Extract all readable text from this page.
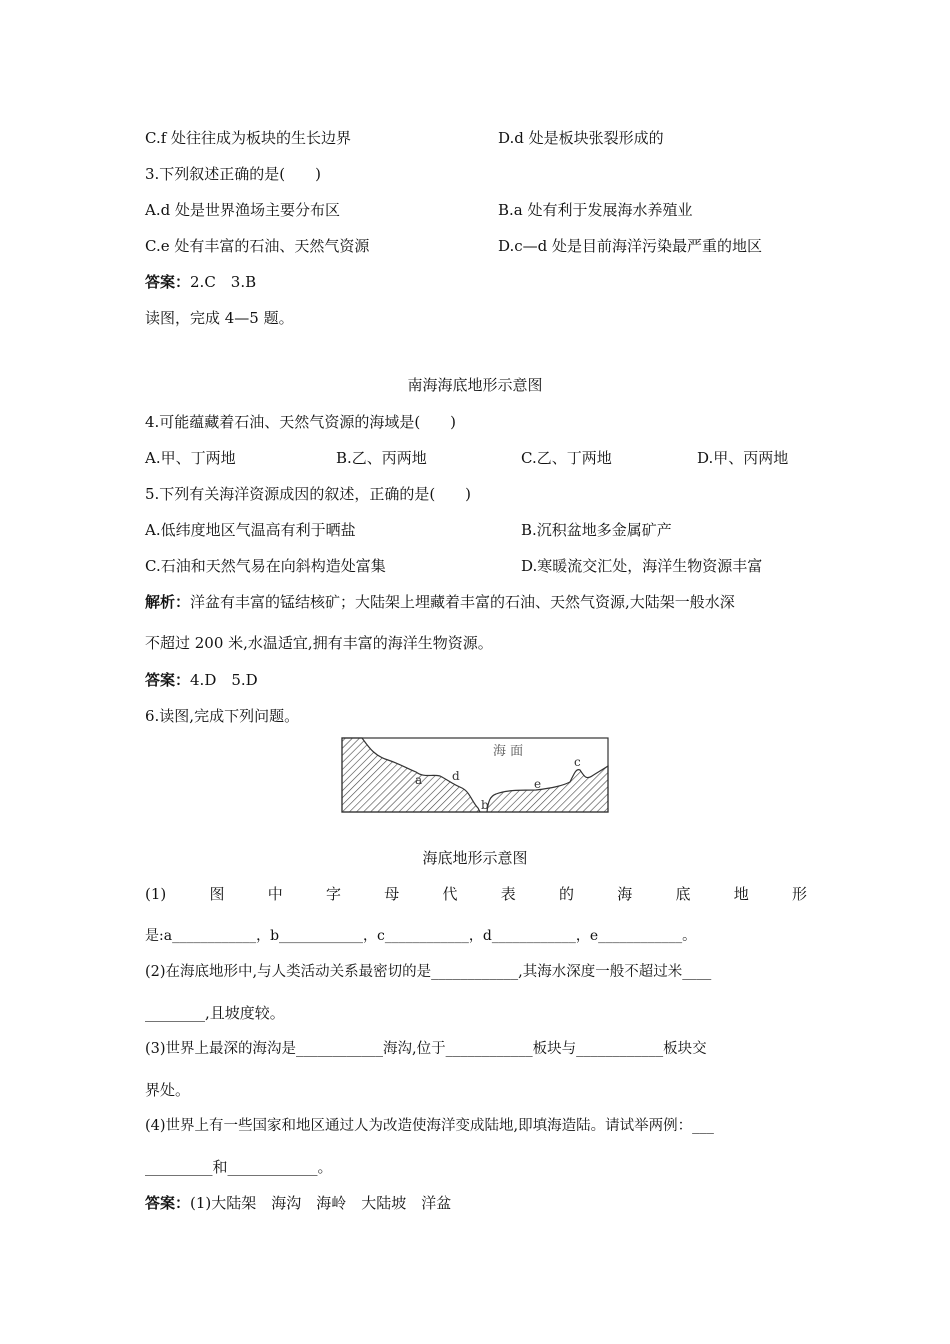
C.f 处往往成为板块的生长边界	D.d 处是板块张裂形成的
3.下列叙述正确的是(　　)
A.d 处是世界渔场主要分布区	B.a 处有利于发展海水养殖业
C.e 处有丰富的石油、天然气资源	D.c—d 处是目前海洋污染最严重的地区
答案：2.C　3.B
读图，完成 4—5 题。
南海海底地形示意图
4.可能蕴藏着石油、天然气资源的海域是(　　)
A.甲、丁两地	B.乙、丙两地	C.乙、丁两地	D.甲、丙两地
5.下列有关海洋资源成因的叙述，正确的是(　　)
A.低纬度地区气温高有利于晒盐	B.沉积盆地多金属矿产
C.石油和天然气易在向斜构造处富集	D.寒暖流交汇处，海洋生物资源丰富
解析：洋盆有丰富的锰结核矿；大陆架上埋藏着丰富的石油、天然气资源,大陆架一般水深
不超过 200 米,水温适宜,拥有丰富的海洋生物资源。
答案：4.D　5.D
6.读图,完成下列问题。
海 面
a d
b
e
c
海底地形示意图
(1)	图	中	字	母	代	表	的	海	底	地	形
是:a____________，b____________，c____________，d____________，e____________。
(2)在海底地形中,与人类活动关系最密切的是____________,其海水深度一般不超过米____
________,且坡度较。
(3)世界上最深的海沟是____________海沟,位于____________板块与____________板块交
界处。
(4)世界上有一些国家和地区通过人为改造使海洋变成陆地,即填海造陆。请试举两例：___
_________和____________。
答案：(1)大陆架　海沟　海岭　大陆坡　洋盆
